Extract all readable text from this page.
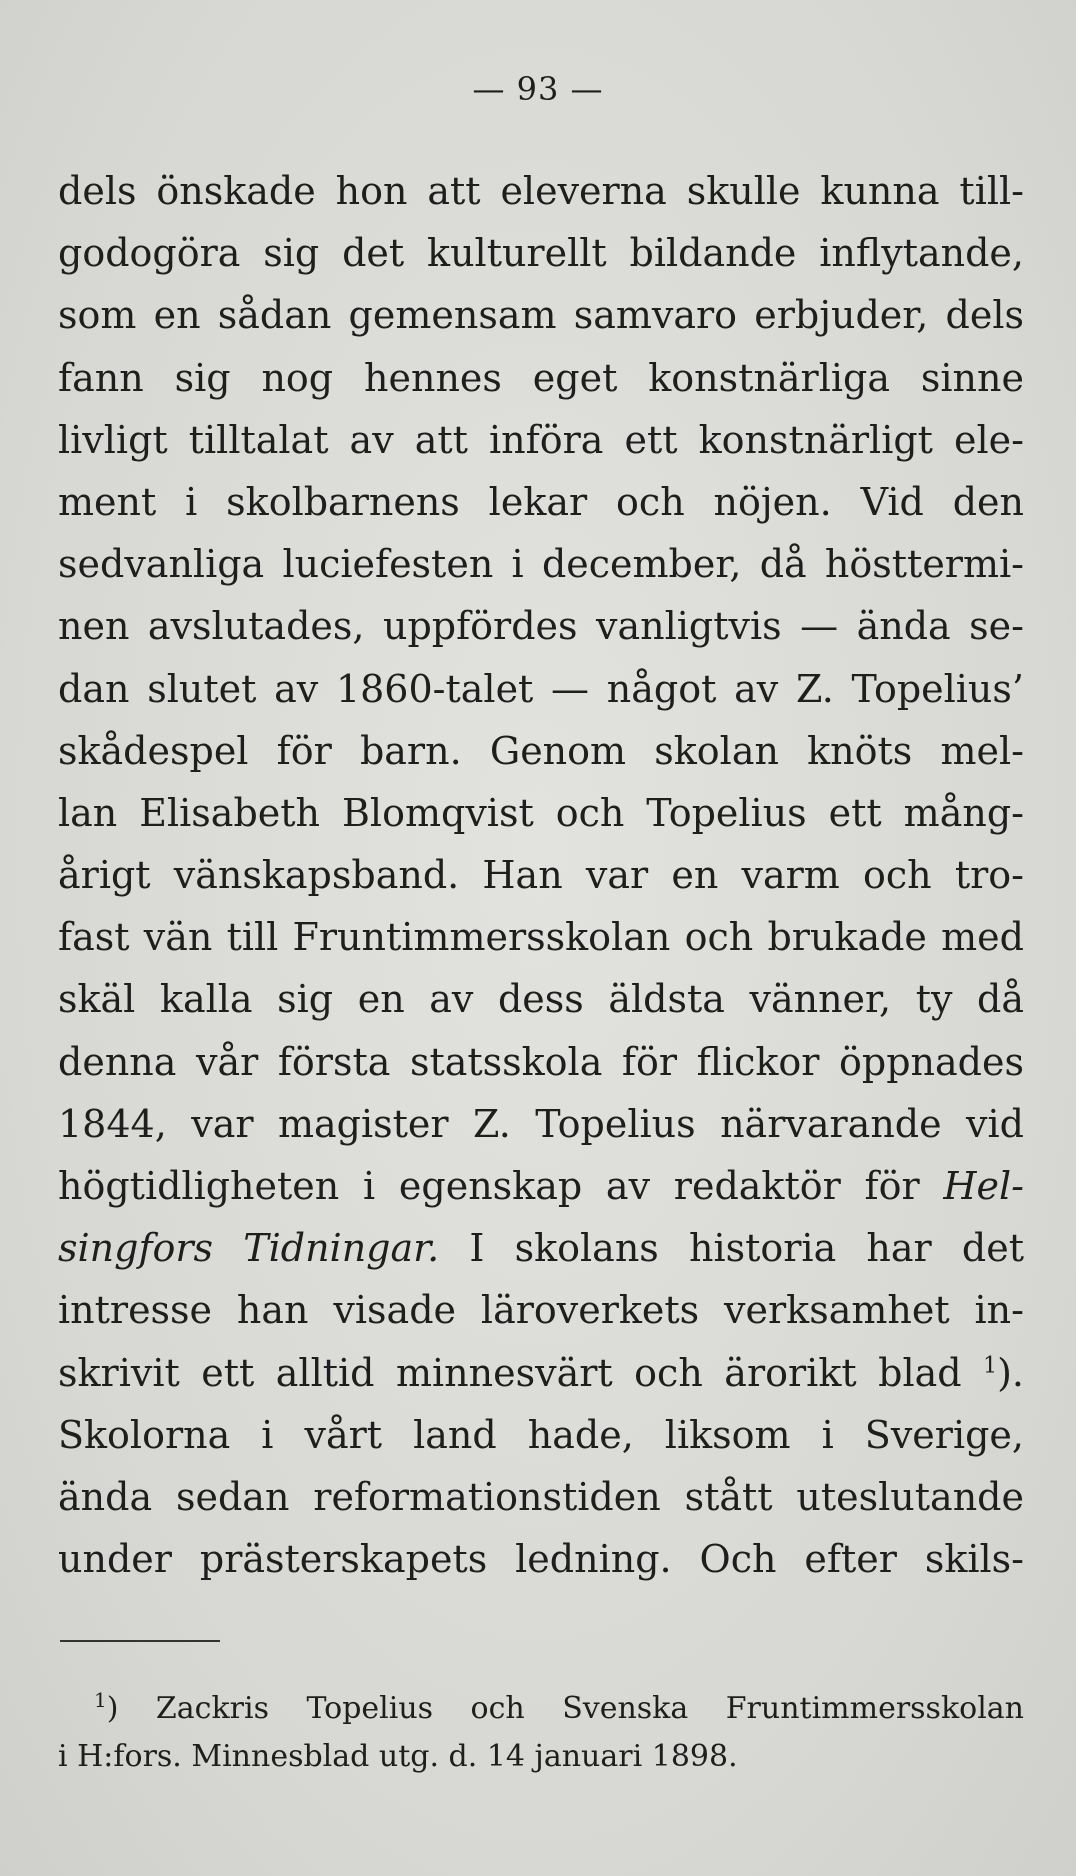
— 93 —
dels önskade hon att eleverna skulle kunna till-
godogöra sig det kulturellt bildande inflytande,
som en sådan gemensam samvaro erbjuder, dels
fann sig nog hennes eget konstnärliga sinne
livligt tilltalat av att införa ett konstnärligt ele-
ment i skolbarnens lekar och nöjen. Vid den
sedvanliga luciefesten i december, då hösttermi-
nen avslutades, uppfördes vanligtvis — ända se-
dan slutet av 1860-talet — något av Z. Topelius’
skådespel för barn. Genom skolan knöts mel-
lan Elisabeth Blomqvist och Topelius ett mång-
årigt vänskapsband. Han var en varm och tro-
fast vän till Fruntimmersskolan och brukade med
skäl kalla sig en av dess äldsta vänner, ty då
denna vår första statsskola för flickor öppnades
1844, var magister Z. Topelius närvarande vid
högtidligheten i egenskap av redaktör för Hel-
singfors Tidningar. I skolans historia har det
intresse han visade läroverkets verksamhet in-
skrivit ett alltid minnesvärt och ärorikt blad $^1$).
Skolorna i vårt land hade, liksom i Sverige,
ända sedan reformationstiden stått uteslutande
under prästerskapets ledning. Och efter skils-
$^1$) Zackris Topelius och Svenska Fruntimmersskolan
i H:fors. Minnesblad utg. d. 14 januari 1898.
